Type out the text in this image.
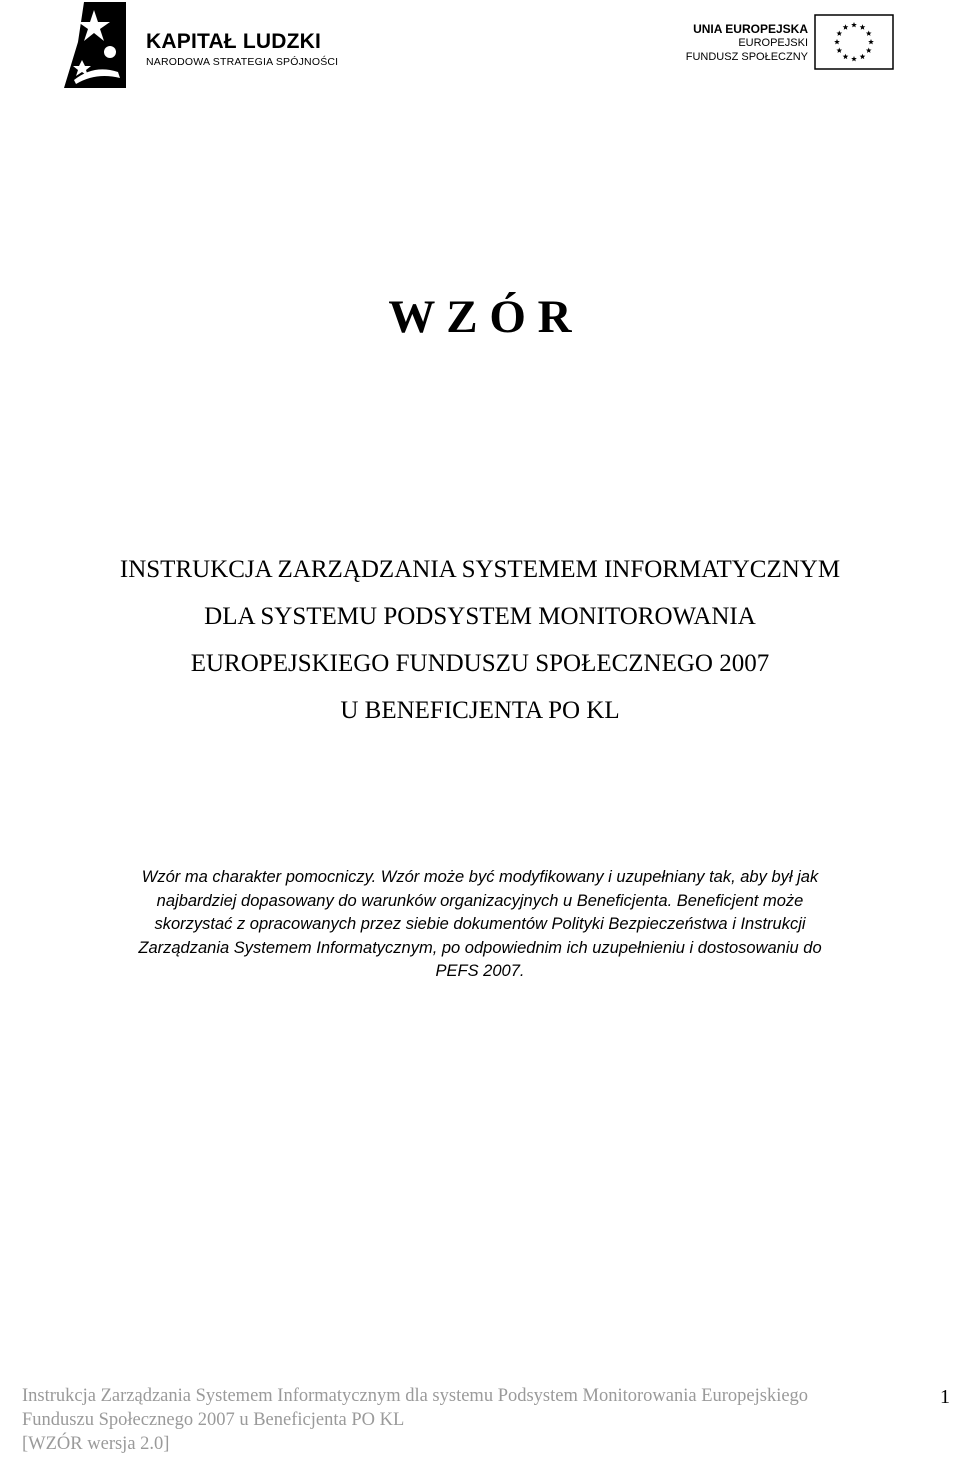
KAPITAŁ LUDZKI
NARODOWA STRATEGIA SPÓJNOŚCI
UNIA EUROPEJSKA
EUROPEJSKI
FUNDUSZ SPOŁECZNY
W Z Ó R
INSTRUKCJA ZARZĄDZANIA SYSTEMEM INFORMATYCZNYM
DLA SYSTEMU PODSYSTEM MONITOROWANIA
EUROPEJSKIEGO FUNDUSZU SPOŁECZNEGO 2007
U BENEFICJENTA PO KL
Wzór ma charakter pomocniczy. Wzór może być modyfikowany i uzupełniany tak, aby był jak
najbardziej dopasowany do warunków organizacyjnych u Beneficjenta. Beneficjent może
skorzystać z opracowanych przez siebie dokumentów Polityki Bezpieczeństwa i Instrukcji
Zarządzania Systemem Informatycznym, po odpowiednim ich uzupełnieniu i dostosowaniu do
PEFS 2007.
Instrukcja Zarządzania Systemem Informatycznym dla systemu Podsystem Monitorowania Europejskiego
Funduszu Społecznego 2007 u Beneficjenta PO KL
[WZÓR wersja 2.0]
1
